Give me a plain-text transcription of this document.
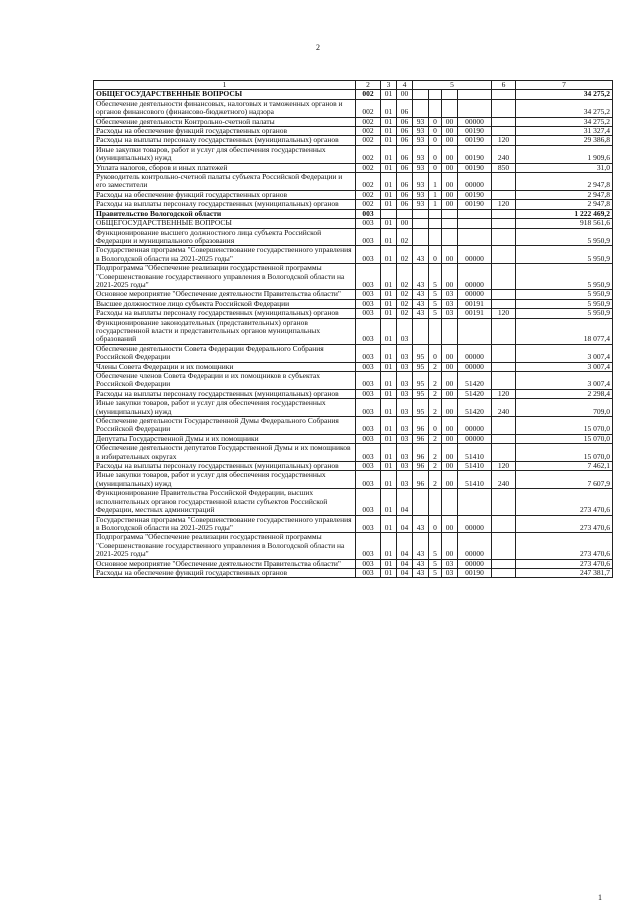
2
1	2	3	4	5				6	7
ОБЩЕГОСУДАРСТВЕННЫЕ ВОПРОСЫ	002	01	00						34 275,2
Обеспечение деятельности финансовых, налоговых и таможенных органов и органов финансового (финансово-бюджетного) надзора	002	01	06						34 275,2
Обеспечение деятельности Контрольно-счетной палаты	002	01	06	93	0	00	00000		34 275,2
Расходы на обеспечение функций государственных органов	002	01	06	93	0	00	00190		31 327,4
Расходы на выплаты персоналу государственных (муниципальных) органов	002	01	06	93	0	00	00190	120	29 386,8
Иные закупки товаров, работ и услуг для обеспечения государственных (муниципальных) нужд	002	01	06	93	0	00	00190	240	1 909,6
Уплата налогов, сборов и иных платежей	002	01	06	93	0	00	00190	850	31,0
Руководитель контрольно-счетной палаты субъекта Российской Федерации и его заместители	002	01	06	93	1	00	00000		2 947,8
Расходы на обеспечение функций государственных органов	002	01	06	93	1	00	00190		2 947,8
Расходы на выплаты персоналу государственных (муниципальных) органов	002	01	06	93	1	00	00190	120	2 947,8
Правительство Вологодской области	003								1 222 469,2
ОБЩЕГОСУДАРСТВЕННЫЕ ВОПРОСЫ	003	01	00						918 561,6
Функционирование высшего должностного лица субъекта Российской Федерации и муниципального образования	003	01	02						5 950,9
Государственная программа "Совершенствование государственного управления в Вологодской области на 2021-2025 годы"	003	01	02	43	0	00	00000		5 950,9
Подпрограмма "Обеспечение реализации государственной программы "Совершенствование государственного управления в Вологодской области на 2021-2025 годы"	003	01	02	43	5	00	00000		5 950,9
Основное мероприятие "Обеспечение деятельности Правительства области"	003	01	02	43	5	03	00000		5 950,9
Высшее должностное лицо субъекта Российской Федерации	003	01	02	43	5	03	00191		5 950,9
Расходы на выплаты персоналу государственных (муниципальных) органов	003	01	02	43	5	03	00191	120	5 950,9
Функционирование законодательных (представительных) органов государственной власти и представительных органов муниципальных образований	003	01	03						18 077,4
Обеспечение деятельности Совета Федерации Федерального Собрания Российской Федерации	003	01	03	95	0	00	00000		3 007,4
Члены Совета Федерации и их помощники	003	01	03	95	2	00	00000		3 007,4
Обеспечение членов Совета Федерации и их помощников в субъектах Российской Федерации	003	01	03	95	2	00	51420		3 007,4
Расходы на выплаты персоналу государственных (муниципальных) органов	003	01	03	95	2	00	51420	120	2 298,4
Иные закупки товаров, работ и услуг для обеспечения государственных (муниципальных) нужд	003	01	03	95	2	00	51420	240	709,0
Обеспечение деятельности Государственной Думы Федерального Собрания Российской Федерации	003	01	03	96	0	00	00000		15 070,0
Депутаты Государственной Думы и их помощники	003	01	03	96	2	00	00000		15 070,0
Обеспечение деятельности депутатов Государственной Думы и их помощников в избирательных округах	003	01	03	96	2	00	51410		15 070,0
Расходы на выплаты персоналу государственных (муниципальных) органов	003	01	03	96	2	00	51410	120	7 462,1
Иные закупки товаров, работ и услуг для обеспечения государственных (муниципальных) нужд	003	01	03	96	2	00	51410	240	7 607,9
Функционирование Правительства Российской Федерации, высших исполнительных органов государственной власти субъектов Российской Федерации, местных администраций	003	01	04						273 470,6
Государственная программа "Совершенствование государственного управления в Вологодской области на 2021-2025 годы"	003	01	04	43	0	00	00000		273 470,6
Подпрограмма "Обеспечение реализации государственной программы "Совершенствование государственного управления в Вологодской области на 2021-2025 годы"	003	01	04	43	5	00	00000		273 470,6
Основное мероприятие "Обеспечение деятельности Правительства области"	003	01	04	43	5	03	00000		273 470,6
Расходы на обеспечение функций государственных органов	003	01	04	43	5	03	00190		247 381,7
1
